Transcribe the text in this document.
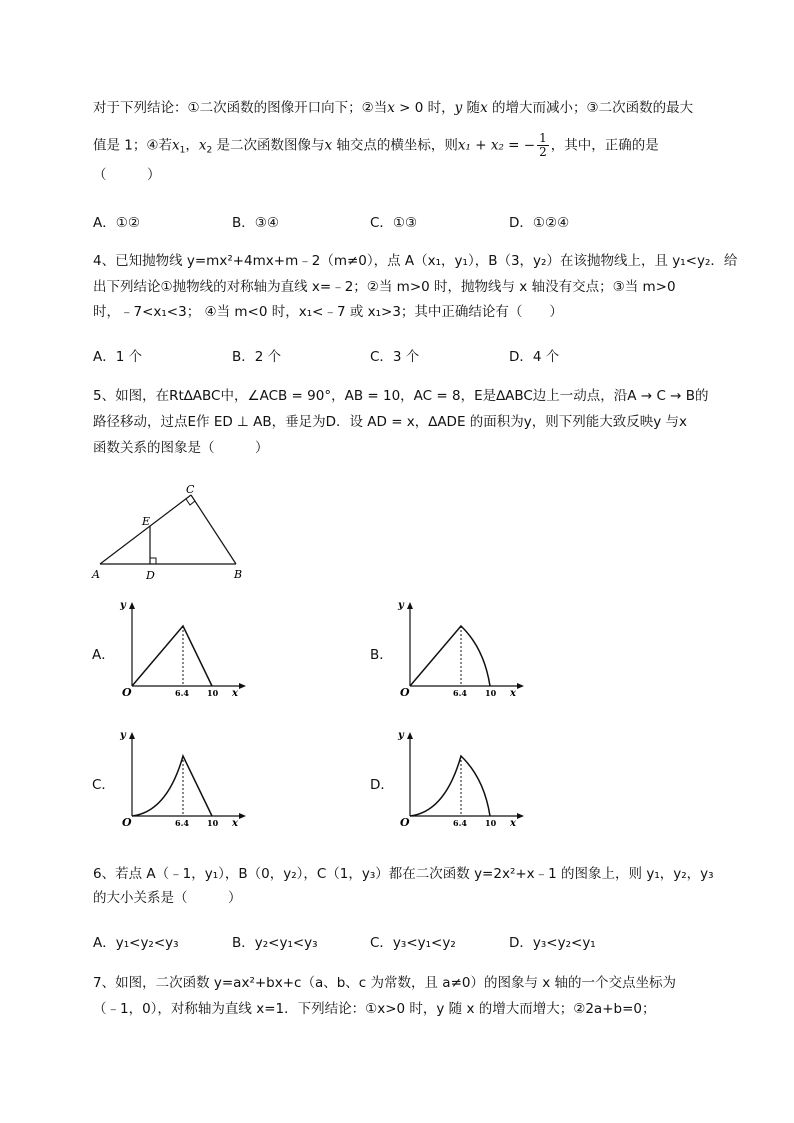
对于下列结论：①二次函数的图像开口向下；②当x > 0 时，y 随x 的增大而减小；③二次函数的最大
值是 1；④若$x_1$，$x_2$ 是二次函数图像与x 轴交点的横坐标，则x₁ + x₂ = − $\frac{1}{2}$ ，其中，正确的是
（　　　）
A．①②	B．③④	C．①③	D．①②④
4、已知抛物线 y=mx²+4mx+m﹣2（m≠0），点 A（x₁，y₁），B（3，y₂）在该抛物线上，且 y₁<y₂．给
出下列结论①抛物线的对称轴为直线 x=﹣2；②当 m>0 时，抛物线与 x 轴没有交点；③当 m>0
时，﹣7<x₁<3； ④当 m<0 时，x₁<﹣7 或 x₁>3；其中正确结论有（　　）
A．1 个	B．2 个	C．3 个	D．4 个
5、如图，在Rt∆ABC中，∠ACB = 90°，AB = 10，AC = 8，E是∆ABC边上一动点，沿A → C → B的
路径移动，过点E作 ED ⊥ AB，垂足为D．设 AD = x，∆ADE 的面积为y，则下列能大致反映y 与x
函数关系的图象是（　　　）
A	B
C
D
E
A．	B．
C．	D．
y
x
O	6.4 10
y
x
O	6.4 10
y
x
O	6.4 10
y
x
O	6.4 10
6、若点 A（﹣1，y₁），B（0，y₂），C（1，y₃）都在二次函数 y=2x²+x﹣1 的图象上，则 y₁，y₂，y₃
的大小关系是（　　　）
A．y₁<y₂<y₃	B．y₂<y₁<y₃	C．y₃<y₁<y₂	D．y₃<y₂<y₁
7、如图，二次函数 y=ax²+bx+c（a、b、c 为常数，且 a≠0）的图象与 x 轴的一个交点坐标为
（﹣1，0），对称轴为直线 x=1．下列结论：①x>0 时，y 随 x 的增大而增大；②2a+b=0；
